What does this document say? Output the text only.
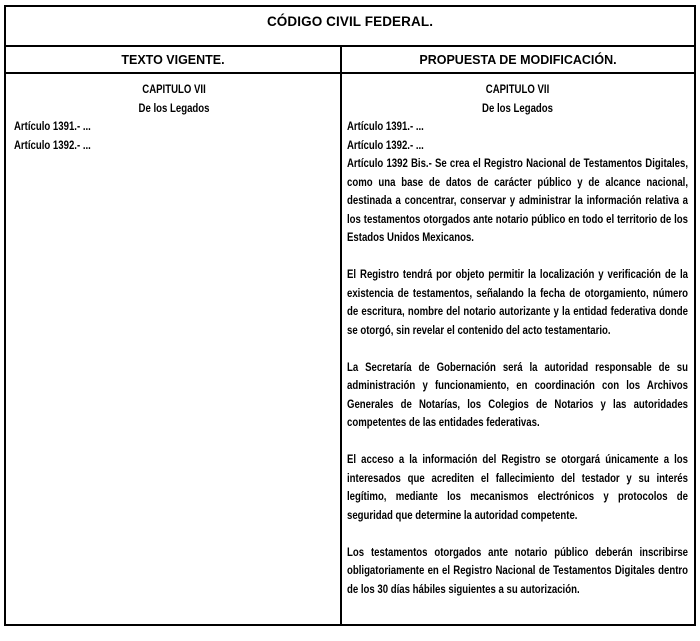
CÓDIGO CIVIL FEDERAL.
TEXTO VIGENTE.	PROPUESTA DE MODIFICACIÓN.
CAPITULO VII
De los Legados
Artículo 1391.- ...
Artículo 1392.- ...
CAPITULO VII
De los Legados
Artículo 1391.- ...
Artículo 1392.- ...

Artículo 1392 Bis.- Se crea el Registro Nacional de Testamentos Digitales, como una base de datos de carácter público y de alcance nacional, destinada a concentrar, conservar y administrar la información relativa a los testamentos otorgados ante notario público en todo el territorio de los Estados Unidos Mexicanos.

El Registro tendrá por objeto permitir la localización y verificación de la existencia de testamentos, señalando la fecha de otorgamiento, número de escritura, nombre del notario autorizante y la entidad federativa donde se otorgó, sin revelar el contenido del acto testamentario.

La Secretaría de Gobernación será la autoridad responsable de su administración y funcionamiento, en coordinación con los Archivos Generales de Notarías, los Colegios de Notarios y las autoridades competentes de las entidades federativas.

El acceso a la información del Registro se otorgará únicamente a los interesados que acrediten el fallecimiento del testador y su interés legítimo, mediante los mecanismos electrónicos y protocolos de seguridad que determine la autoridad competente.

Los testamentos otorgados ante notario público deberán inscribirse obligatoriamente en el Registro Nacional de Testamentos Digitales dentro de los 30 días hábiles siguientes a su autorización.
